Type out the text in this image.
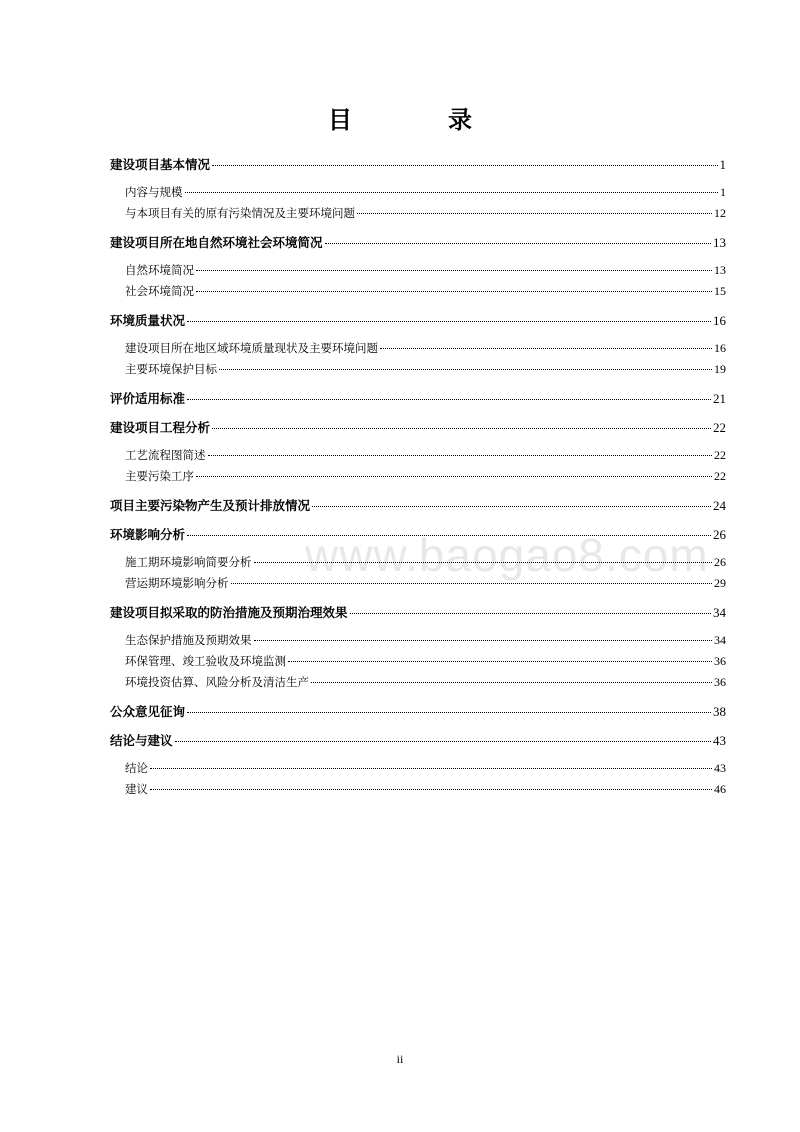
目　录
www.baogao8.com
建设项目基本情况	1
内容与规模	1
与本项目有关的原有污染情况及主要环境问题	12
建设项目所在地自然环境社会环境简况	13
自然环境简况	13
社会环境简况	15
环境质量状况	16
建设项目所在地区域环境质量现状及主要环境问题	16
主要环境保护目标	19
评价适用标准	21
建设项目工程分析	22
工艺流程图简述	22
主要污染工序	22
项目主要污染物产生及预计排放情况	24
环境影响分析	26
施工期环境影响简要分析	26
营运期环境影响分析	29
建设项目拟采取的防治措施及预期治理效果	34
生态保护措施及预期效果	34
环保管理、竣工验收及环境监测	36
环境投资估算、风险分析及清洁生产	36
公众意见征询	38
结论与建议	43
结论	43
建议	46
ii
